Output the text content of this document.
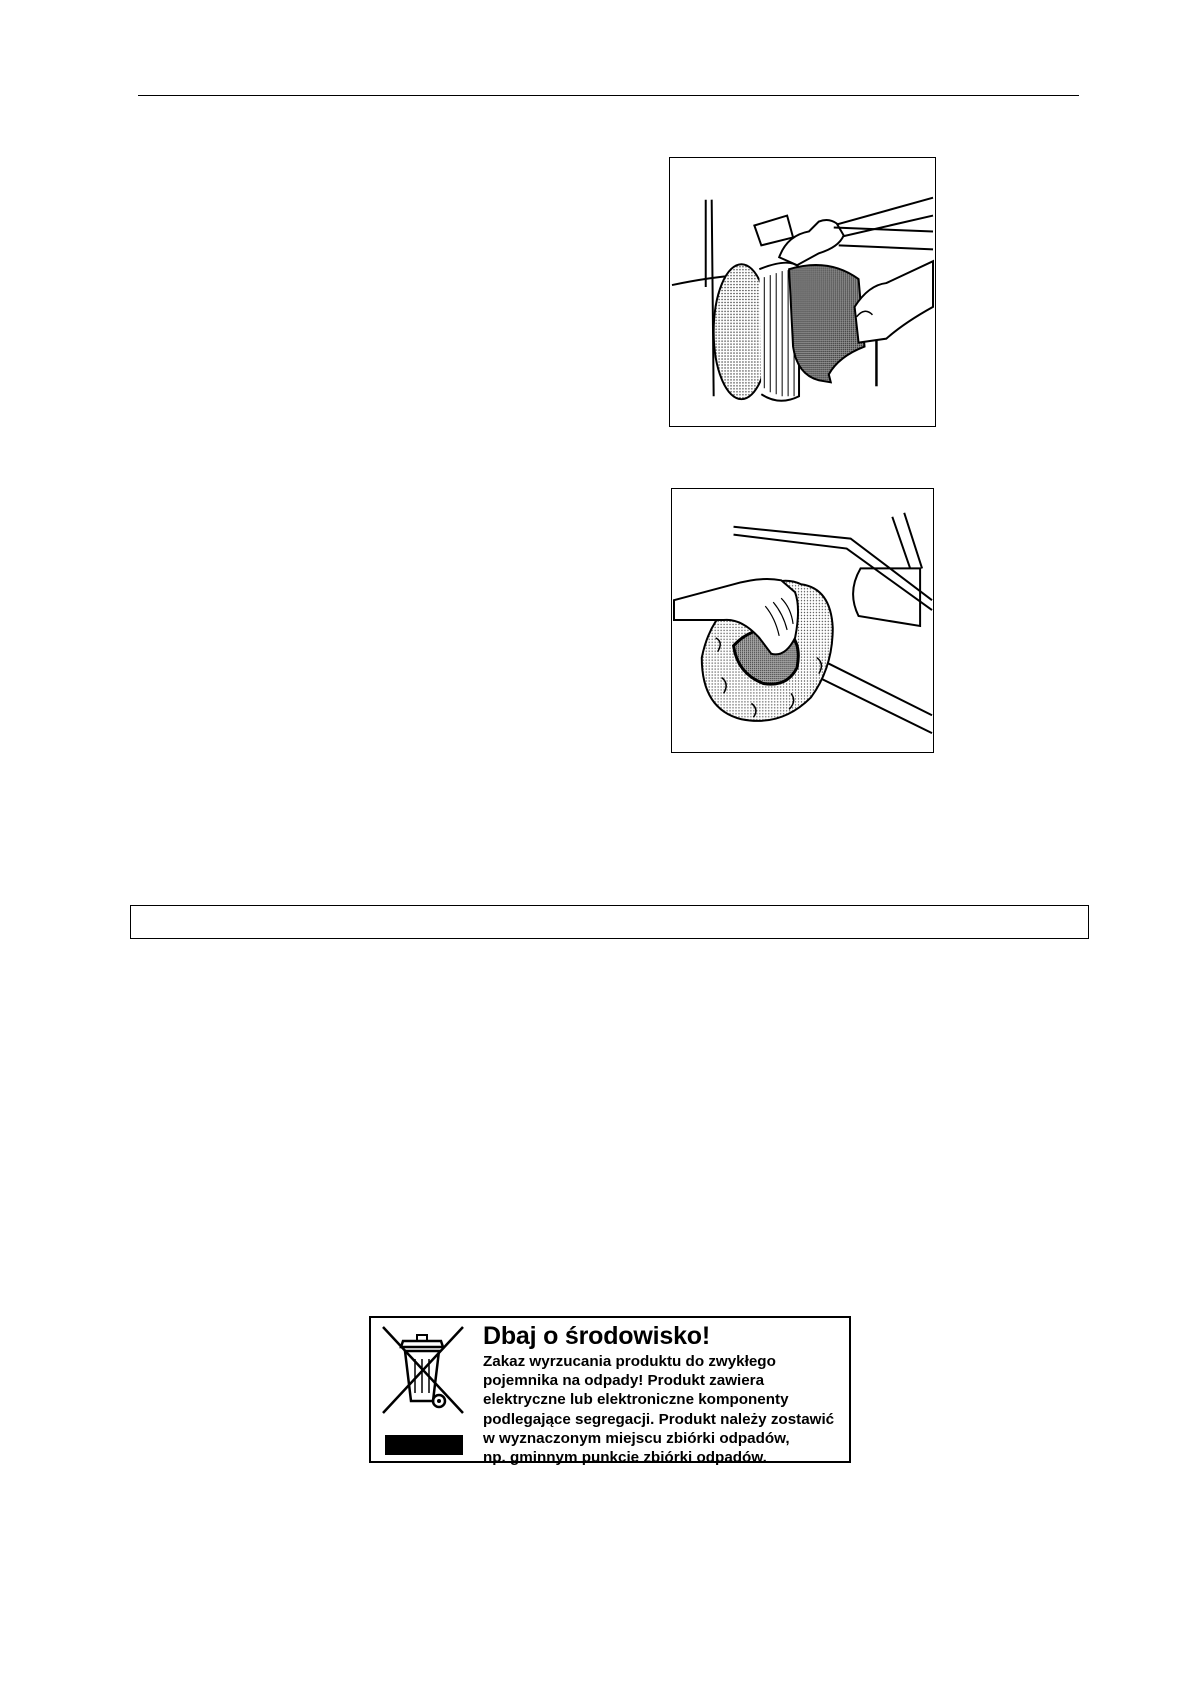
Dbaj o środowisko!
Zakaz wyrzucania produktu do zwykłego
pojemnika na odpady! Produkt zawiera
elektryczne lub elektroniczne komponenty
podlegające segregacji. Produkt należy zostawić
w wyznaczonym miejscu zbiórki odpadów,
np. gminnym punkcie zbiórki odpadów.
